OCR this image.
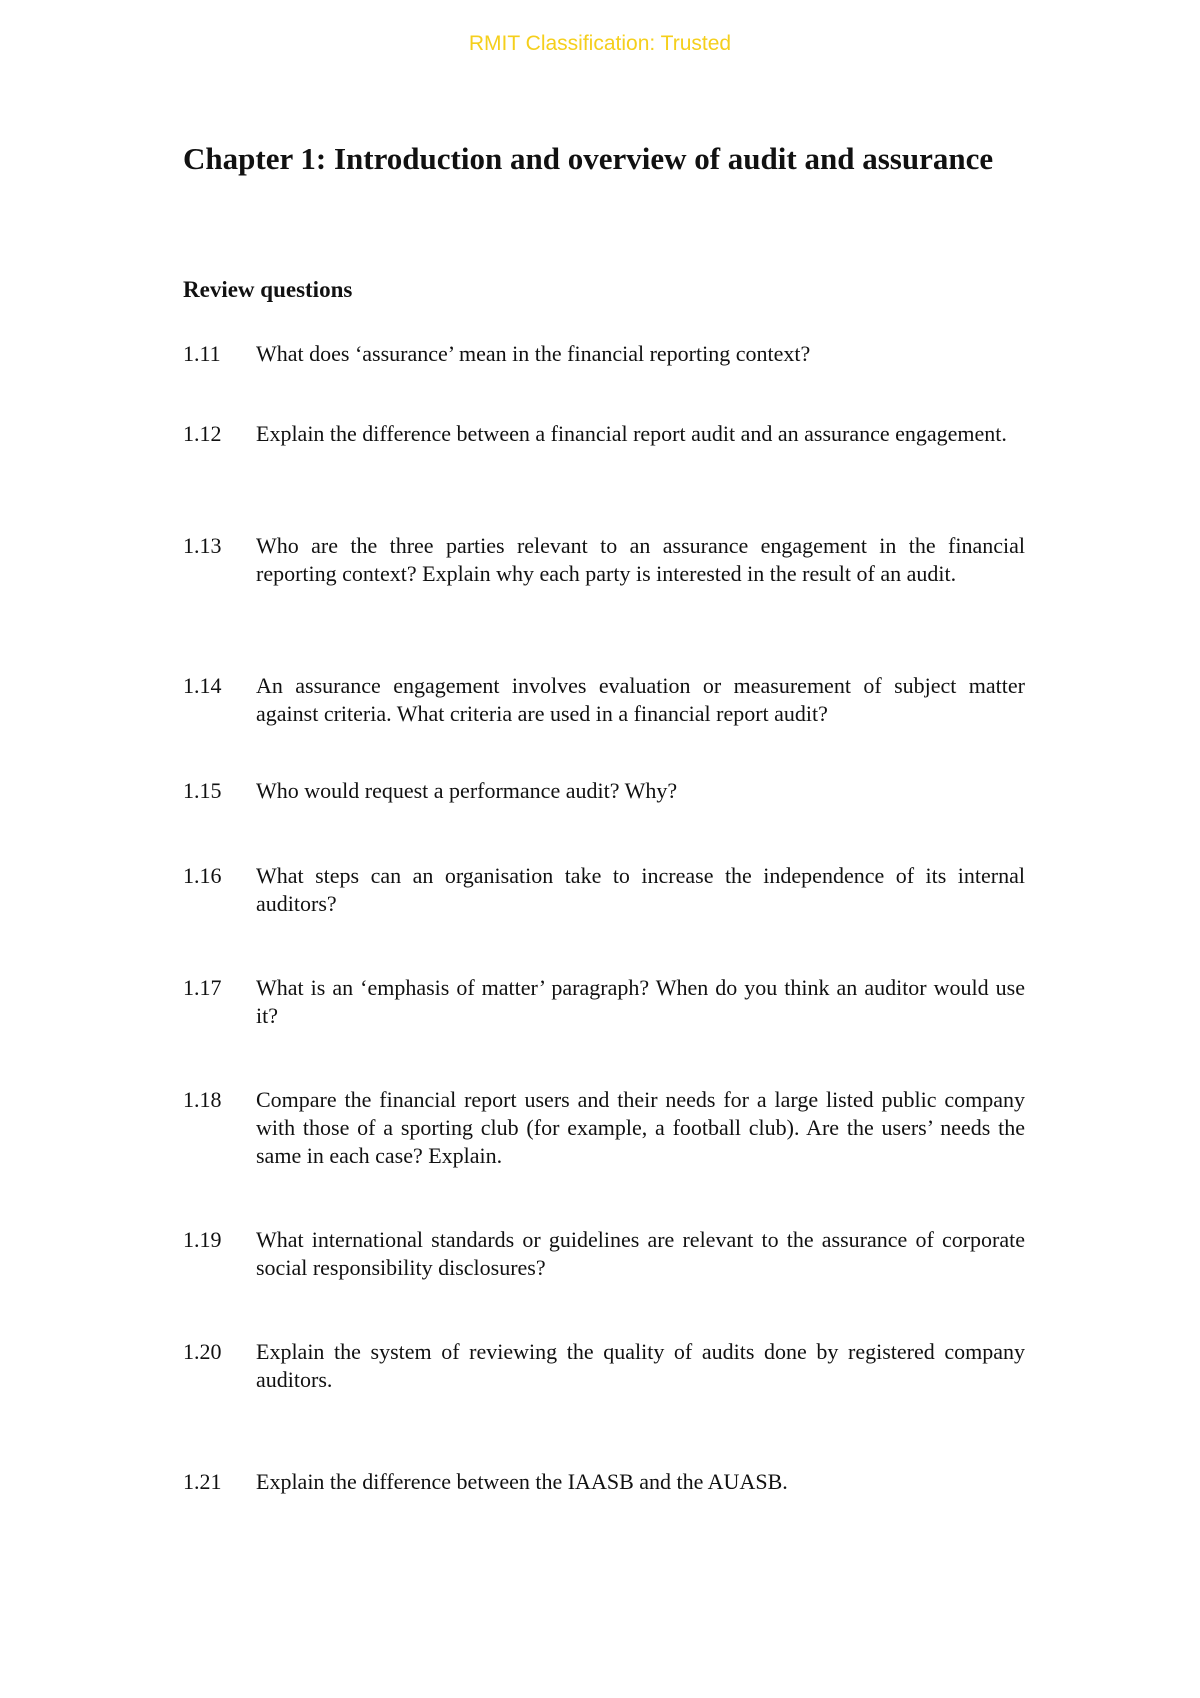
RMIT Classification: Trusted
Chapter 1: Introduction and overview of audit and assurance
Review questions
1.11	What does ‘assurance’ mean in the financial reporting context?
1.12	Explain the difference between a financial report audit and an assurance engagement.
1.13	Who are the three parties relevant to an assurance engagement in the financial reporting context? Explain why each party is interested in the result of an audit.
1.14	An assurance engagement involves evaluation or measurement of subject matter against criteria. What criteria are used in a financial report audit?
1.15	Who would request a performance audit? Why?
1.16	What steps can an organisation take to increase the independence of its internal auditors?
1.17	What is an ‘emphasis of matter’ paragraph? When do you think an auditor would use it?
1.18	Compare the financial report users and their needs for a large listed public company with those of a sporting club (for example, a football club). Are the users’ needs the same in each case? Explain.
1.19	What international standards or guidelines are relevant to the assurance of corporate social responsibility disclosures?
1.20	Explain the system of reviewing the quality of audits done by registered company auditors.
1.21	Explain the difference between the IAASB and the AUASB.
